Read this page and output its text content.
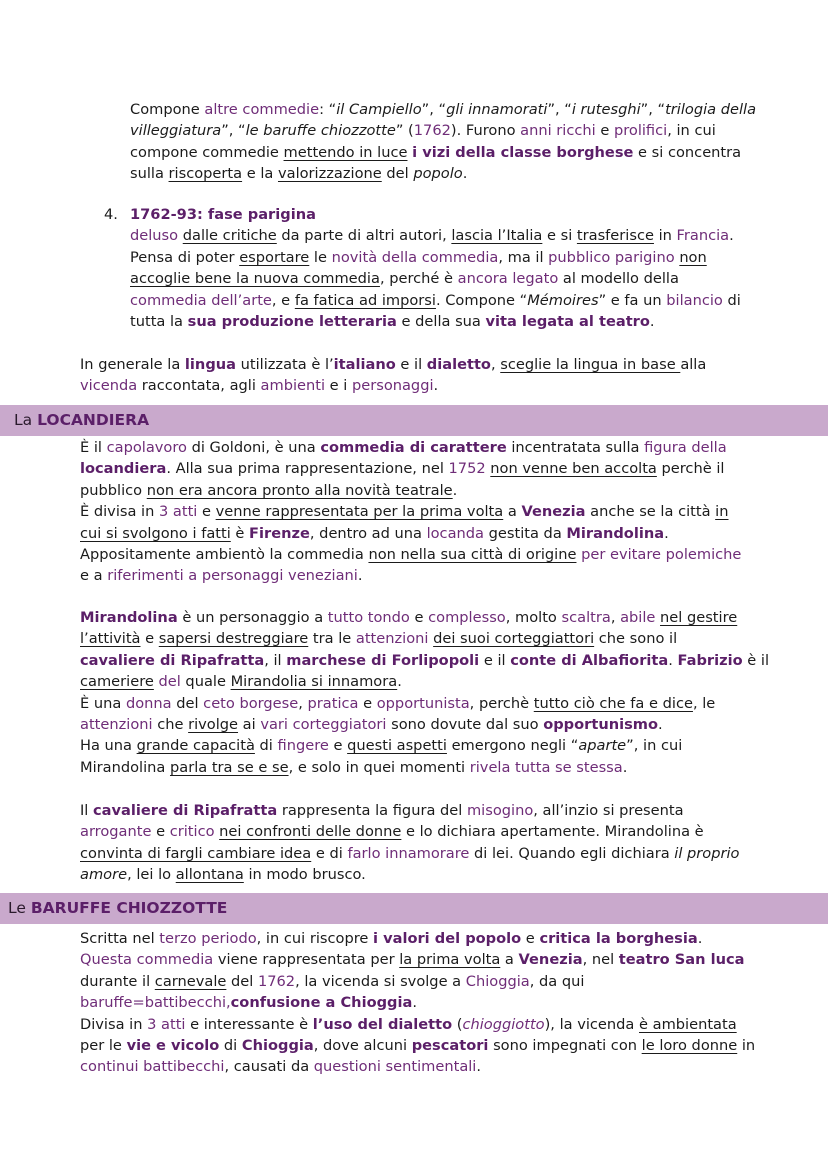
Compone altre commedie: “il Campiello”, “gli innamorati”, “i rutesghi”, “trilogia della

villeggiatura”, “le baruffe chiozzotte” (1762). Furono anni ricchi e prolifici, in cui

compone commedie mettendo in luce i vizi della classe borghese e si concentra

sulla riscoperta e la valorizzazione del popolo.

4. 1762-93: fase parigina

deluso dalle critiche da parte di altri autori, lascia l’Italia e si trasferisce in Francia.

Pensa di poter esportare le novità della commedia, ma il pubblico parigino non

accoglie bene la nuova commedia, perché è ancora legato al modello della

commedia dell’arte, e fa fatica ad imporsi. Compone “Mémoires” e fa un bilancio di

tutta la sua produzione letteraria e della sua vita legata al teatro.

In generale la lingua utilizzata è l’italiano e il dialetto, sceglie la lingua in base alla

vicenda raccontata, agli ambienti e i personaggi.

La LOCANDIERA

È il capolavoro di Goldoni, è una commedia di carattere incentratata sulla figura della

locandiera. Alla sua prima rappresentazione, nel 1752 non venne ben accolta perchè il

pubblico non era ancora pronto alla novità teatrale.

È divisa in 3 atti e venne rappresentata per la prima volta a Venezia anche se la città in

cui si svolgono i fatti è Firenze, dentro ad una locanda gestita da Mirandolina.

Appositamente ambientò la commedia non nella sua città di origine per evitare polemiche

e a riferimenti a personaggi veneziani.

Mirandolina è un personaggio a tutto tondo e complesso, molto scaltra, abile nel gestire

l’attività e sapersi destreggiare tra le attenzioni dei suoi corteggiattori che sono il

cavaliere di Ripafratta, il marchese di Forlipopoli e il conte di Albafiorita. Fabrizio è il

cameriere del quale Mirandolia si innamora.

È una donna del ceto borgese, pratica e opportunista, perchè tutto ciò che fa e dice, le

attenzioni che rivolge ai vari corteggiatori sono dovute dal suo opportunismo.

Ha una grande capacità di fingere e questi aspetti emergono negli “aparte”, in cui

Mirandolina parla tra se e se, e solo in quei momenti rivela tutta se stessa.

Il cavaliere di Ripafratta rappresenta la figura del misogino, all’inzio si presenta

arrogante e critico nei confronti delle donne e lo dichiara apertamente. Mirandolina è

convinta di fargli cambiare idea e di farlo innamorare di lei. Quando egli dichiara il proprio

amore, lei lo allontana in modo brusco.

Le BARUFFE CHIOZZOTTE

Scritta nel terzo periodo, in cui riscopre i valori del popolo e critica la borghesia.

Questa commedia viene rappresentata per la prima volta a Venezia, nel teatro San luca

durante il carnevale del 1762, la vicenda si svolge a Chioggia, da qui

baruffe=battibecchi,confusione a Chioggia.

Divisa in 3 atti e interessante è l’uso del dialetto (chioggiotto), la vicenda è ambientata

per le vie e vicolo di Chioggia, dove alcuni pescatori sono impegnati con le loro donne in

continui battibecchi, causati da questioni sentimentali.
